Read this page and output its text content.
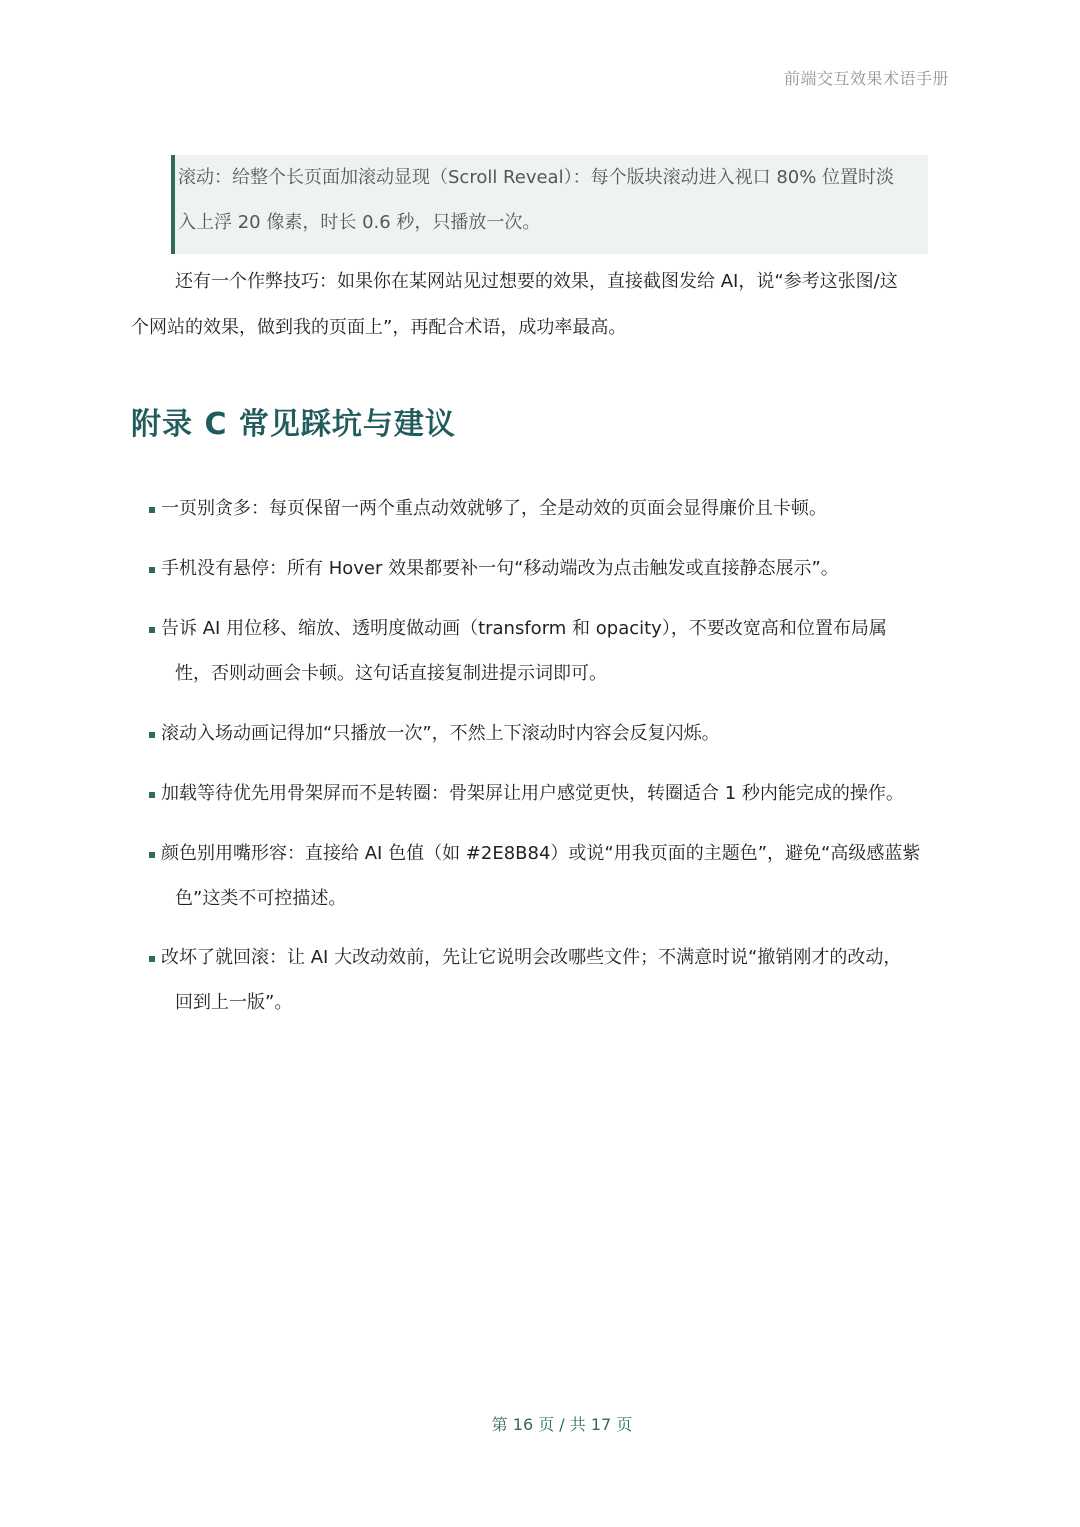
前端交互效果术语手册
滚动：给整个长页面加滚动显现（Scroll Reveal）：每个版块滚动进入视口 80% 位置时淡
入上浮 20 像素，时长 0.6 秒，只播放一次。
还有一个作弊技巧：如果你在某网站见过想要的效果，直接截图发给 AI，说“参考这张图/这
个网站的效果，做到我的页面上”，再配合术语，成功率最高。
附录 C 常见踩坑与建议
一页别贪多：每页保留一两个重点动效就够了，全是动效的页面会显得廉价且卡顿。
手机没有悬停：所有 Hover 效果都要补一句“移动端改为点击触发或直接静态展示”。
告诉 AI 用位移、缩放、透明度做动画（transform 和 opacity），不要改宽高和位置布局属
性，否则动画会卡顿。这句话直接复制进提示词即可。
滚动入场动画记得加“只播放一次”，不然上下滚动时内容会反复闪烁。
加载等待优先用骨架屏而不是转圈：骨架屏让用户感觉更快，转圈适合 1 秒内能完成的操作。
颜色别用嘴形容：直接给 AI 色值（如 #2E8B84）或说“用我页面的主题色”，避免“高级感蓝紫
色”这类不可控描述。
改坏了就回滚：让 AI 大改动效前，先让它说明会改哪些文件；不满意时说“撤销刚才的改动，
回到上一版”。
第 16 页 / 共 17 页
